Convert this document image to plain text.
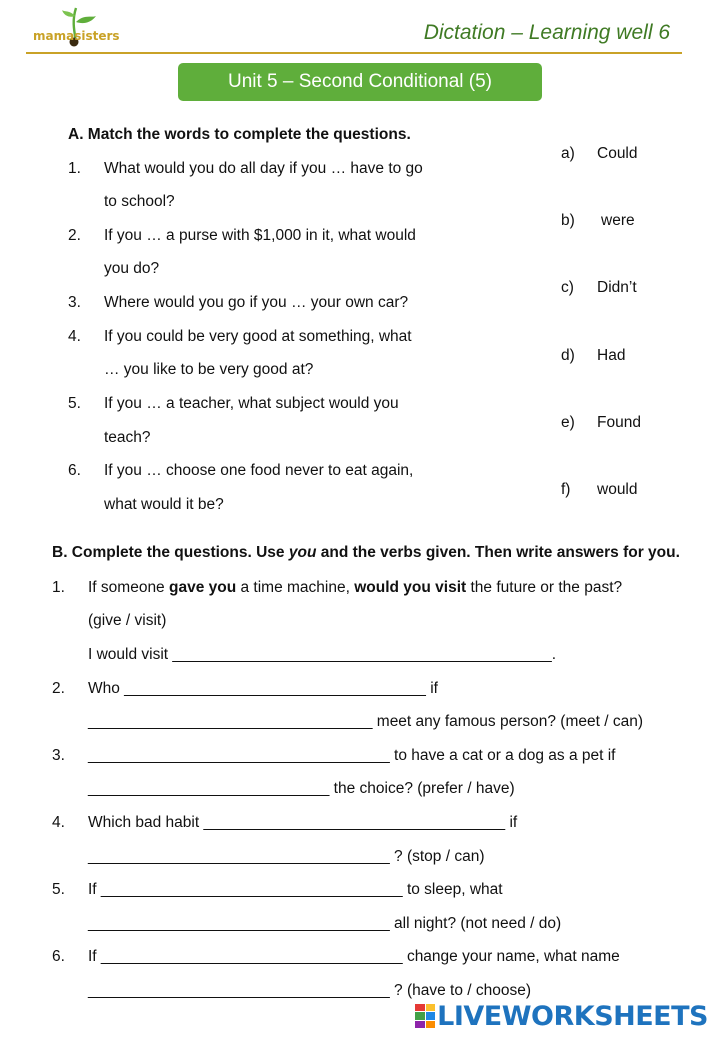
mamasisters	Dictation – Learning well 6
Unit 5 – Second Conditional (5)
A. Match the words to complete the questions.
1. What would you do all day if you … have to go
to school?
2. If you … a purse with $1,000 in it, what would
you do?
3. Where would you go if you … your own car?
4. If you could be very good at something, what
… you like to be very good at?
5. If you … a teacher, what subject would you
teach?
6. If you … choose one food never to eat again,
what would it be?
a) Could
b) were
c) Didn’t
d) Had
e) Found
f) would
B. Complete the questions. Use you and the verbs given. Then write answers for you.
1. If someone gave you a time machine, would you visit the future or the past?
(give / visit)
I would visit ____________________________________________.
2. Who ___________________________________ if
_________________________________ meet any famous person? (meet / can)
3. ___________________________________ to have a cat or a dog as a pet if
____________________________ the choice? (prefer / have)
4. Which bad habit ___________________________________ if
___________________________________ ? (stop / can)
5. If ___________________________________ to sleep, what
___________________________________ all night? (not need / do)
6. If ___________________________________ change your name, what name
___________________________________ ? (have to / choose)
LIVEWORKSHEETS
